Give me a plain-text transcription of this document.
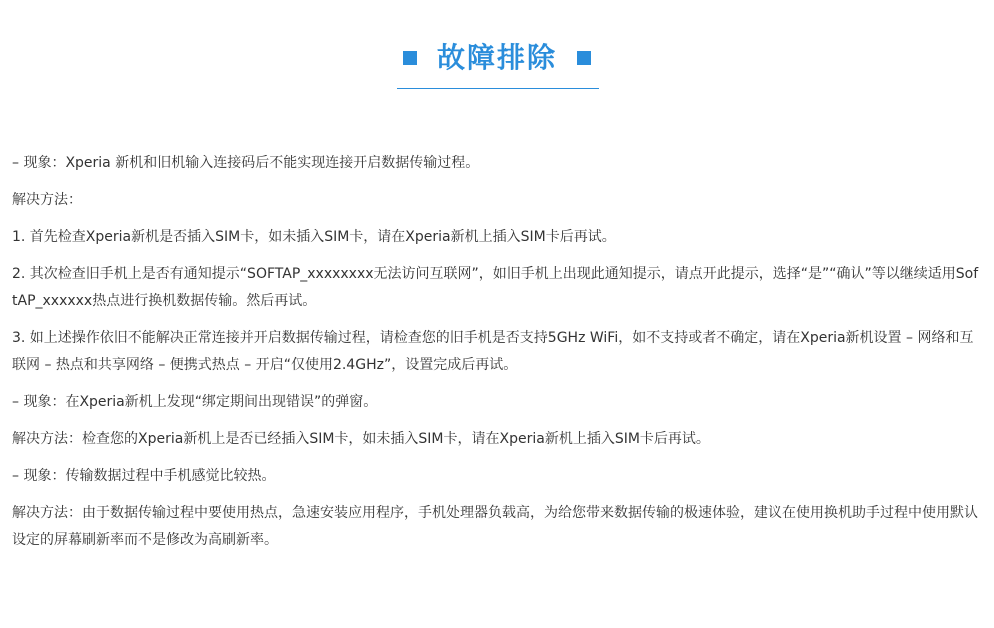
故障排除

– 现象：Xperia 新机和旧机输入连接码后不能实现连接开启数据传输过程。

解决方法：

1. 首先检查Xperia新机是否插入SIM卡，如未插入SIM卡，请在Xperia新机上插入SIM卡后再试。

2. 其次检查旧手机上是否有通知提示“SOFTAP_xxxxxxxx无法访问互联网”，如旧手机上出现此通知提示，请点开此提示，选择“是”“确认”等以继续适用SoftAP_xxxxxx热点进行换机数据传输。然后再试。

3. 如上述操作依旧不能解决正常连接并开启数据传输过程，请检查您的旧手机是否支持5GHz WiFi，如不支持或者不确定，请在Xperia新机设置 – 网络和互联网 – 热点和共享网络 – 便携式热点 – 开启“仅使用2.4GHz”，设置完成后再试。

– 现象：在Xperia新机上发现“绑定期间出现错误”的弹窗。

解决方法：检查您的Xperia新机上是否已经插入SIM卡，如未插入SIM卡，请在Xperia新机上插入SIM卡后再试。

– 现象：传输数据过程中手机感觉比较热。

解决方法：由于数据传输过程中要使用热点，急速安装应用程序，手机处理器负载高，为给您带来数据传输的极速体验，建议在使用换机助手过程中使用默认设定的屏幕刷新率而不是修改为高刷新率。
